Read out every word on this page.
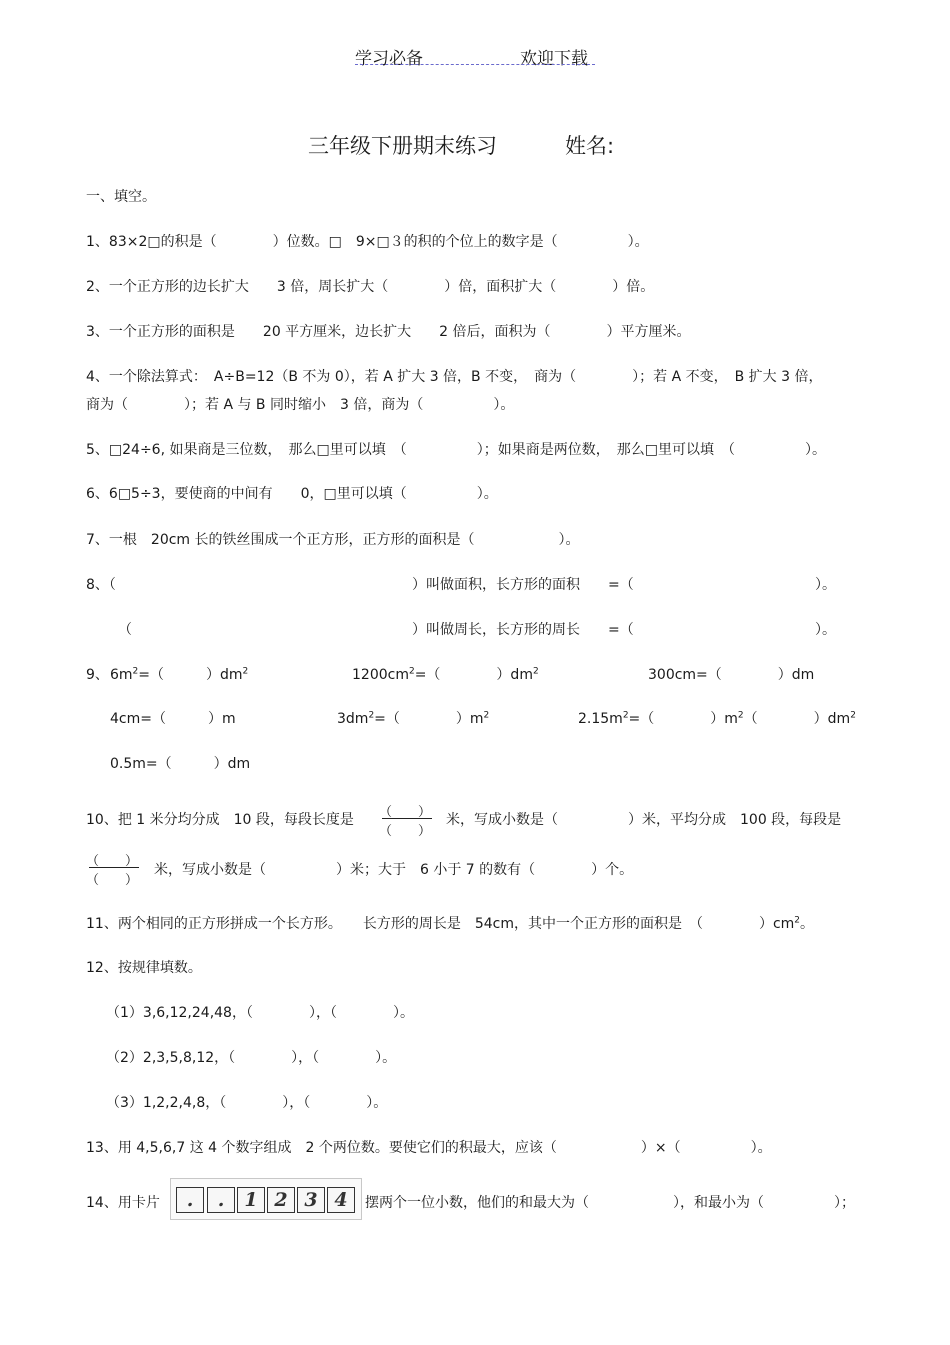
学习必备	欢迎下载
三年级下册期末练习	姓名:
一、填空。
1、83×2□的积是（　　　　）位数。□　9×□３的积的个位上的数字是（　　　　　）。
2、一个正方形的边长扩大　　3 倍，周长扩大（　　　　）倍，面积扩大（　　　　）倍。
3、一个正方形的面积是　　20 平方厘米，边长扩大　　2 倍后，面积为（　　　　）平方厘米。
4、一个除法算式：　A÷B=12（B 不为 0），若 A 扩大 3 倍，B 不变，　商为（　　　　）；若 A 不变，　B 扩大 3 倍，
商为（　　　　）；若 A 与 B 同时缩小　3 倍，商为（　　　　　）。
5、□24÷6, 如果商是三位数，　那么□里可以填　（　　　　　）；如果商是两位数，　那么□里可以填　（　　　　　）。
6、6□5÷3，要使商的中间有　　0，□里可以填（　　　　　）。
7、一根　20cm 长的铁丝围成一个正方形，正方形的面积是（　　　　　　）。
8、（	）叫做面积，长方形的面积　　=（	）。
（	）叫做周长，长方形的周长　　=（	）。
9、 $6m^2=$（　　　）$dm^2$	$1200cm^2=$（　　　　）$dm^2$	300cm=（　　　　）dm
4cm=（　　　）m	$3dm^2=$（　　　　）$m^2$	$2.15m^2=$（　　　　）$m^2$（　　　　）$dm^2$
0.5m=（　　　）dm
10、把 1 米分均分成　10 段，每段长度是 （　　）
（　　）
米，写成小数是（　　　　　）米，平均分成　100 段，每段是
（　　）
（　　）
米，写成小数是（　　　　　）米；大于　6 小于 7 的数有（　　　　）个。
11、两个相同的正方形拼成一个长方形。　　长方形的周长是　54cm，其中一个正方形的面积是　（　　　　）$cm^2$。
12、按规律填数。
（1）3,6,12,24,48，（　　　　），（　　　　）。
（2）2,3,5,8,12，（　　　　），（　　　　）。
（3）1,2,2,4,8，（　　　　），（　　　　）。
13、用 4,5,6,7 这 4 个数字组成　2 个两位数。要使它们的积最大，应该（　　　　　　）×（　　　　　）。
14、用卡片	.	.	1 2 3 4	摆两个一位小数，他们的和最大为（　　　　　　），和最小为（　　　　　）；
